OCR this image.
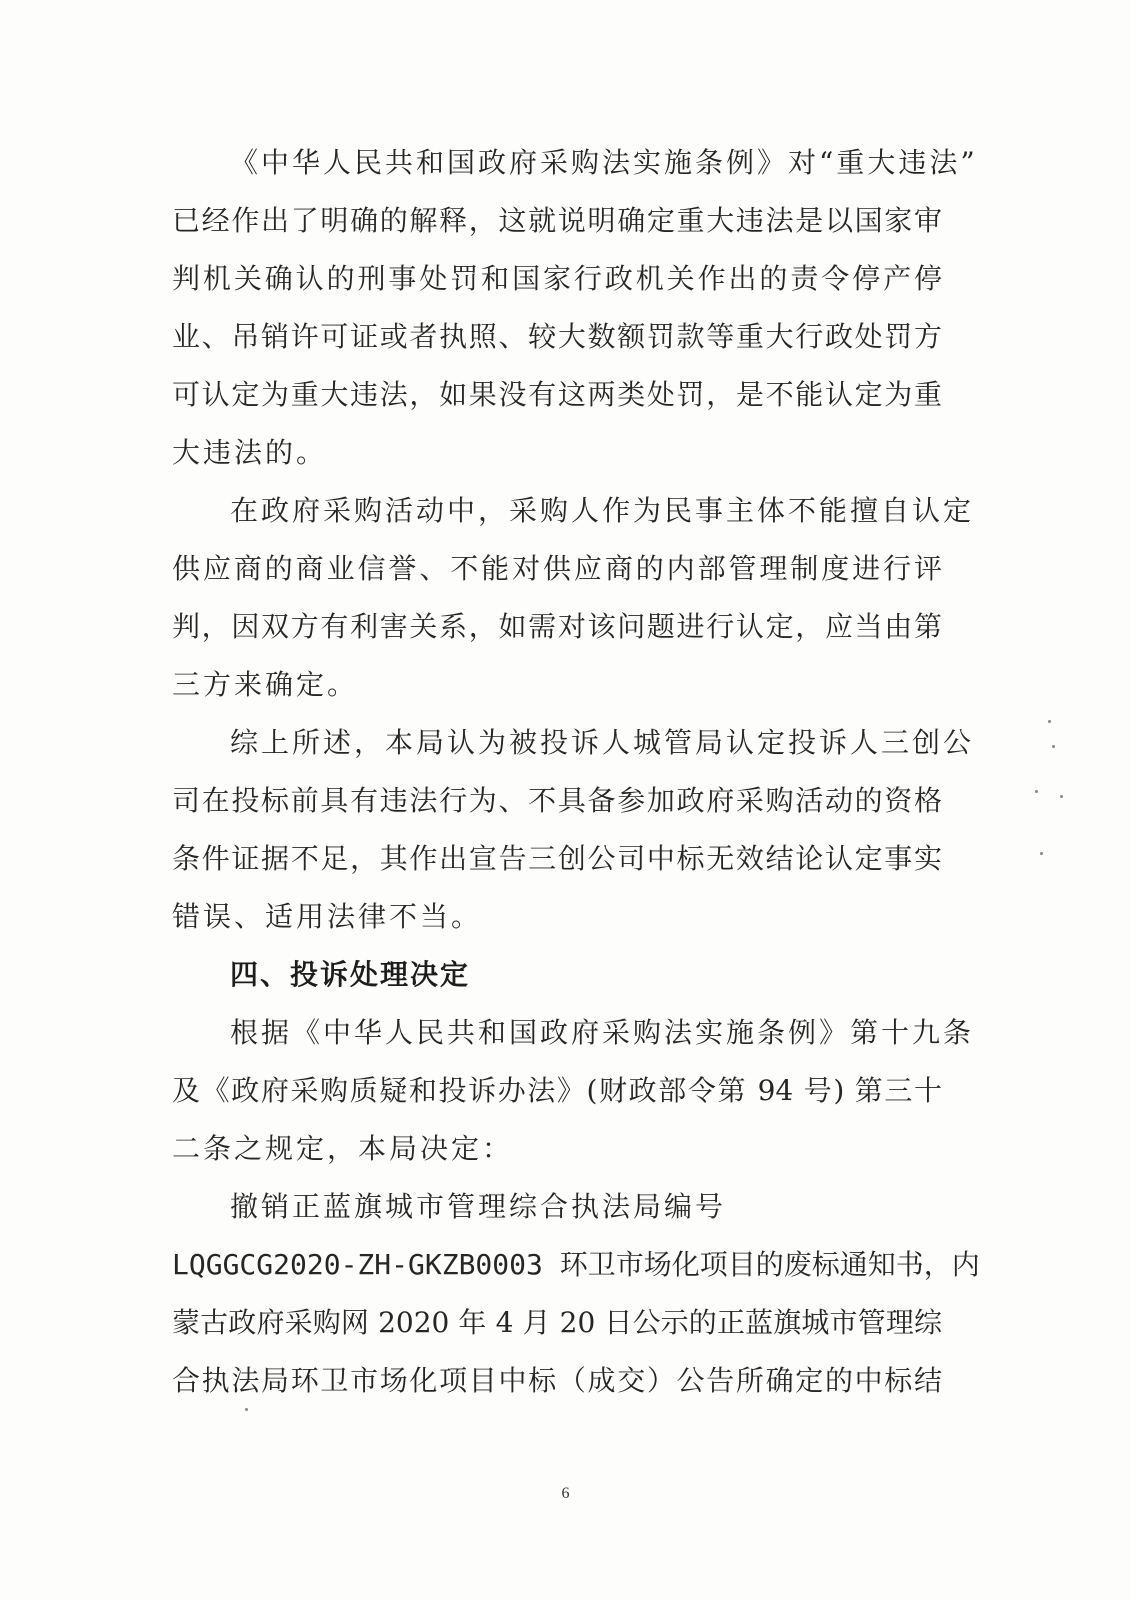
《中华人民共和国政府采购法实施条例》对“重大违法”
已经作出了明确的解释，这就说明确定重大违法是以国家审
判机关确认的刑事处罚和国家行政机关作出的责令停产停
业、吊销许可证或者执照、较大数额罚款等重大行政处罚方
可认定为重大违法，如果没有这两类处罚，是不能认定为重
大违法的。
在政府采购活动中，采购人作为民事主体不能擅自认定
供应商的商业信誉、不能对供应商的内部管理制度进行评
判，因双方有利害关系，如需对该问题进行认定，应当由第
三方来确定。
综上所述，本局认为被投诉人城管局认定投诉人三创公
司在投标前具有违法行为、不具备参加政府采购活动的资格
条件证据不足，其作出宣告三创公司中标无效结论认定事实
错误、适用法律不当。
四、投诉处理决定
根据《中华人民共和国政府采购法实施条例》第十九条
及《政府采购质疑和投诉办法》(财政部令第 94 号) 第三十
二条之规定，本局决定：
撤销正蓝旗城市管理综合执法局编号
LQGGCG2020-ZH-GKZB0003 环卫市场化项目的废标通知书，内
蒙古政府采购网 2020 年 4 月 20 日公示的正蓝旗城市管理综
合执法局环卫市场化项目中标（成交）公告所确定的中标结
6
